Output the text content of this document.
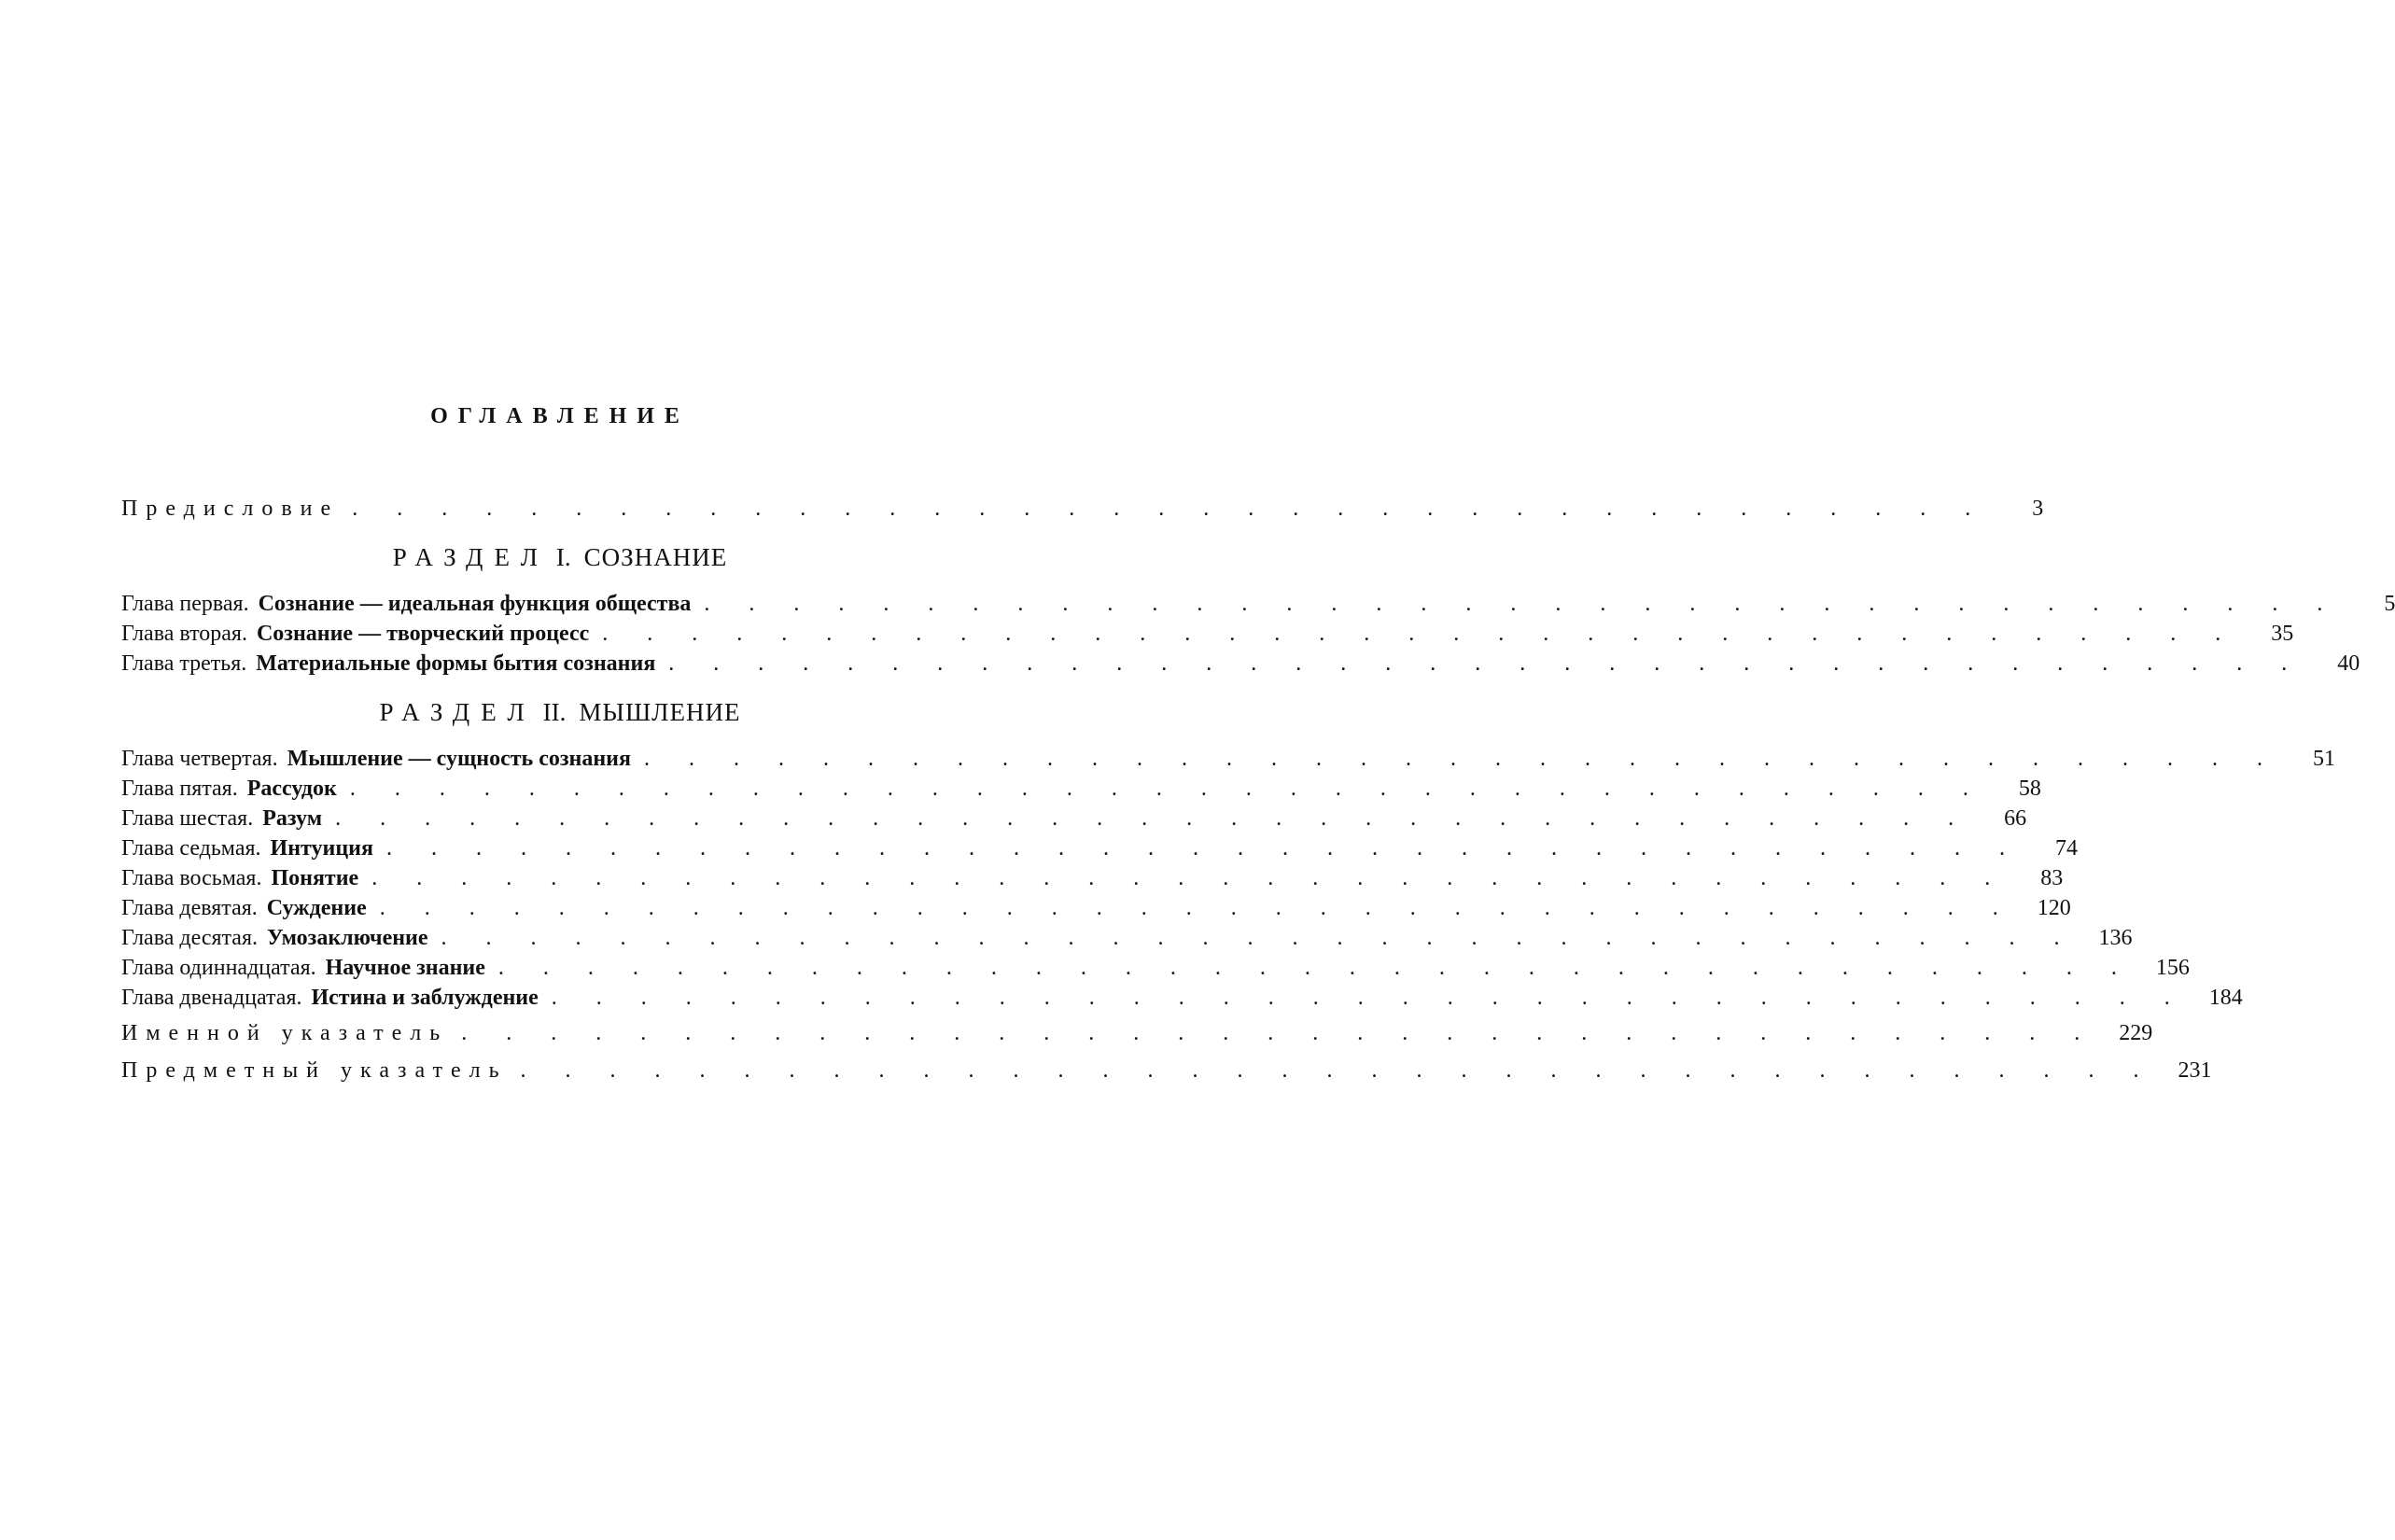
ОГЛАВЛЕНИЕ
Предисловие . . . . . . . . . . . . . . . . . . . . . . . . . . . . . . . . . . . . .	3
РАЗДЕЛ I. СОЗНАНИЕ
Глава первая. Сознание — идеальная функция общества . . . . . . . . . . . . . . . . . . . . . . . . . . . . . . . . . . . . .	5
Глава вторая. Сознание — творческий процесс . . . . . . . . . . . . . . . . . . . . . . . . . . . . . . . . . . . . .	35
Глава третья. Материальные формы бытия сознания . . . . . . . . . . . . . . . . . . . . . . . . . . . . . . . . . . . . .	40
РАЗДЕЛ II. МЫШЛЕНИЕ
Глава четвертая. Мышление — сущность сознания . . . . . . . . . . . . . . . . . . . . . . . . . . . . . . . . . . . . .	51
Глава пятая. Рассудок . . . . . . . . . . . . . . . . . . . . . . . . . . . . . . . . . . . . .	58
Глава шестая. Разум . . . . . . . . . . . . . . . . . . . . . . . . . . . . . . . . . . . . .	66
Глава седьмая. Интуиция . . . . . . . . . . . . . . . . . . . . . . . . . . . . . . . . . . . . .	74
Глава восьмая. Понятие . . . . . . . . . . . . . . . . . . . . . . . . . . . . . . . . . . . . .	83
Глава девятая. Суждение . . . . . . . . . . . . . . . . . . . . . . . . . . . . . . . . . . . . .	120
Глава десятая. Умозаключение . . . . . . . . . . . . . . . . . . . . . . . . . . . . . . . . . . . . .	136
Глава одиннадцатая. Научное знание . . . . . . . . . . . . . . . . . . . . . . . . . . . . . . . . . . . . .	156
Глава двенадцатая. Истина и заблуждение . . . . . . . . . . . . . . . . . . . . . . . . . . . . . . . . . . . . .	184
Именной указатель . . . . . . . . . . . . . . . . . . . . . . . . . . . . . . . . . . . . .	229
Предметный указатель . . . . . . . . . . . . . . . . . . . . . . . . . . . . . . . . . . . . .	231
